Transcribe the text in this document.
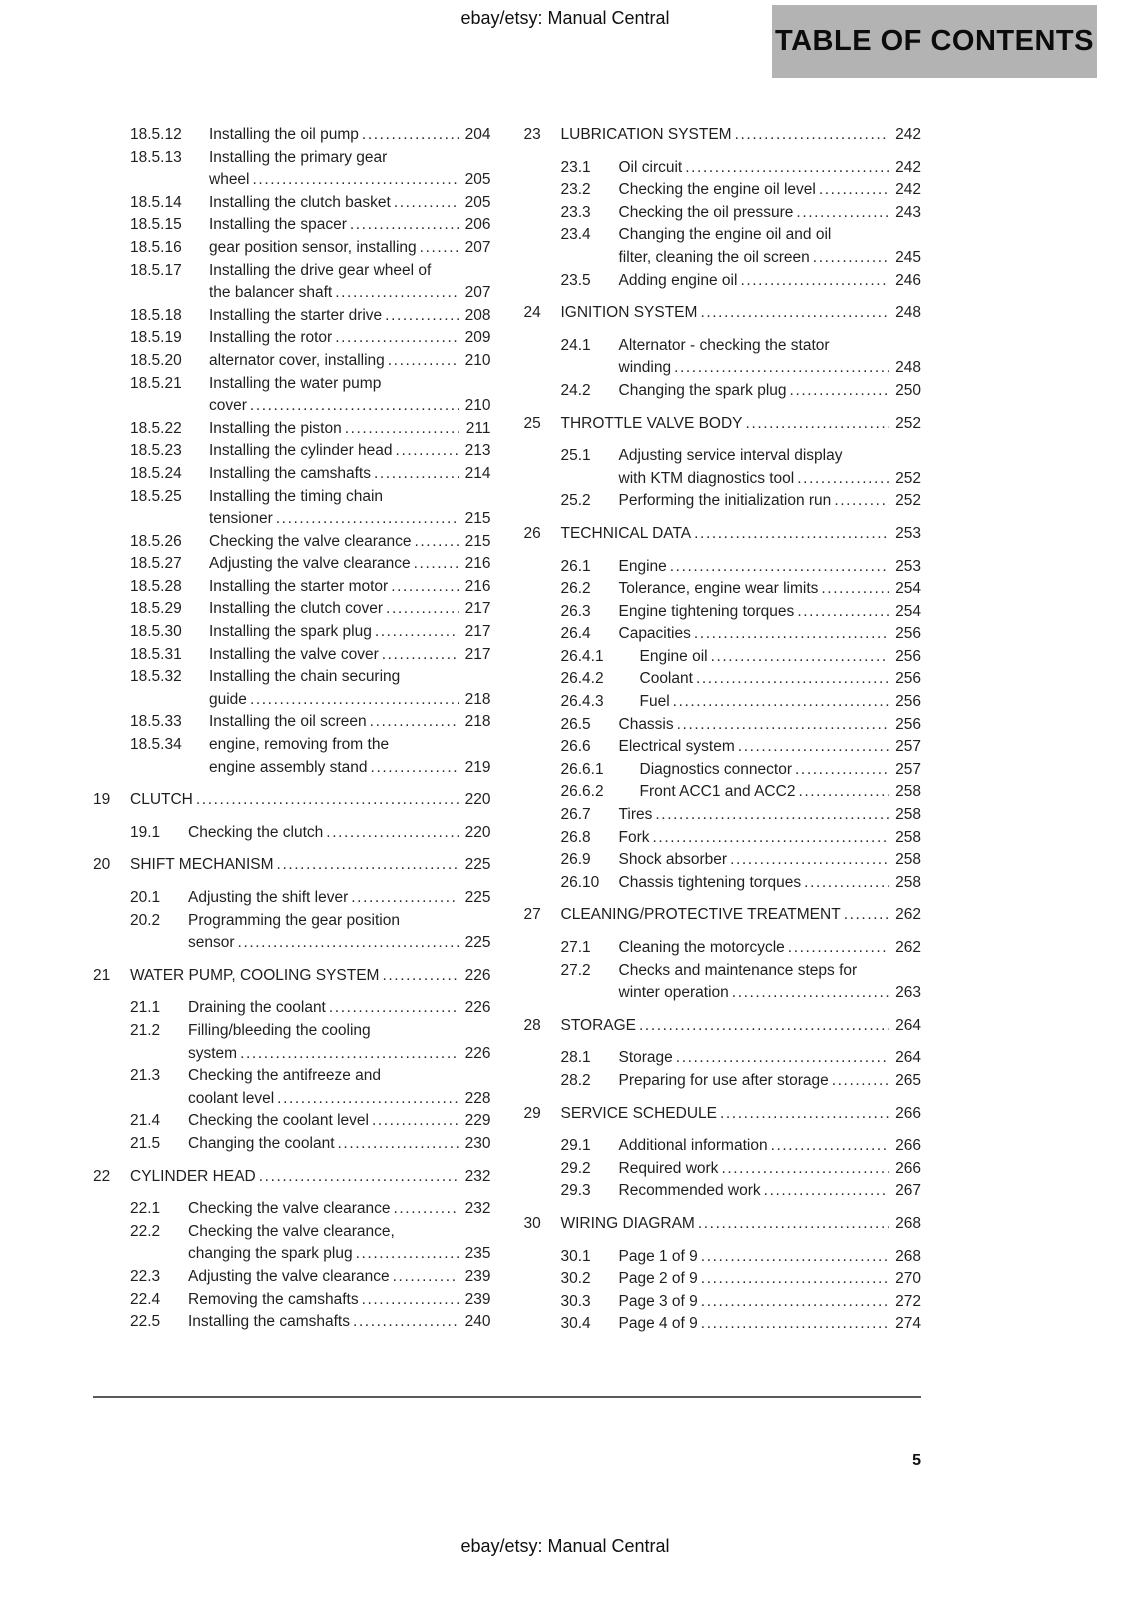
ebay/etsy: Manual Central
TABLE OF CONTENTS
18.5.12	Installing the oil pump .....	204
18.5.13	Installing the primary gear
wheel .....	205
18.5.14	Installing the clutch basket .....	205
18.5.15	Installing the spacer .....	206
18.5.16	gear position sensor, installing .....	207
18.5.17	Installing the drive gear wheel of
the balancer shaft .....	207
18.5.18	Installing the starter drive .....	208
18.5.19	Installing the rotor .....	209
18.5.20	alternator cover, installing .....	210
18.5.21	Installing the water pump
cover .....	210
18.5.22	Installing the piston .....	211
18.5.23	Installing the cylinder head .....	213
18.5.24	Installing the camshafts .....	214
18.5.25	Installing the timing chain
tensioner .....	215
18.5.26	Checking the valve clearance .....	215
18.5.27	Adjusting the valve clearance .....	216
18.5.28	Installing the starter motor .....	216
18.5.29	Installing the clutch cover .....	217
18.5.30	Installing the spark plug .....	217
18.5.31	Installing the valve cover .....	217
18.5.32	Installing the chain securing
guide .....	218
18.5.33	Installing the oil screen .....	218
18.5.34	engine, removing from the
engine assembly stand .....	219
19	CLUTCH .....	220
19.1	Checking the clutch .....	220
20	SHIFT MECHANISM .....	225
20.1	Adjusting the shift lever .....	225
20.2	Programming the gear position
sensor .....	225
21	WATER PUMP, COOLING SYSTEM .....	226
21.1	Draining the coolant .....	226
21.2	Filling/bleeding the cooling
system .....	226
21.3	Checking the antifreeze and
coolant level .....	228
21.4	Checking the coolant level .....	229
21.5	Changing the coolant .....	230
22	CYLINDER HEAD .....	232
22.1	Checking the valve clearance .....	232
22.2	Checking the valve clearance,
changing the spark plug .....	235
22.3	Adjusting the valve clearance .....	239
22.4	Removing the camshafts .....	239
22.5	Installing the camshafts .....	240
23	LUBRICATION SYSTEM .....	242
23.1	Oil circuit .....	242
23.2	Checking the engine oil level .....	242
23.3	Checking the oil pressure .....	243
23.4	Changing the engine oil and oil
filter, cleaning the oil screen .....	245
23.5	Adding engine oil .....	246
24	IGNITION SYSTEM .....	248
24.1	Alternator - checking the stator
winding .....	248
24.2	Changing the spark plug .....	250
25	THROTTLE VALVE BODY .....	252
25.1	Adjusting service interval display
with KTM diagnostics tool .....	252
25.2	Performing the initialization run .....	252
26	TECHNICAL DATA .....	253
26.1	Engine .....	253
26.2	Tolerance, engine wear limits .....	254
26.3	Engine tightening torques .....	254
26.4	Capacities .....	256
26.4.1	Engine oil .....	256
26.4.2	Coolant .....	256
26.4.3	Fuel .....	256
26.5	Chassis .....	256
26.6	Electrical system .....	257
26.6.1	Diagnostics connector .....	257
26.6.2	Front ACC1 and ACC2 .....	258
26.7	Tires .....	258
26.8	Fork .....	258
26.9	Shock absorber .....	258
26.10	Chassis tightening torques .....	258
27	CLEANING/PROTECTIVE TREATMENT .....	262
27.1	Cleaning the motorcycle .....	262
27.2	Checks and maintenance steps for
winter operation .....	263
28	STORAGE .....	264
28.1	Storage .....	264
28.2	Preparing for use after storage .....	265
29	SERVICE SCHEDULE .....	266
29.1	Additional information .....	266
29.2	Required work .....	266
29.3	Recommended work .....	267
30	WIRING DIAGRAM .....	268
30.1	Page 1 of 9 .....	268
30.2	Page 2 of 9 .....	270
30.3	Page 3 of 9 .....	272
30.4	Page 4 of 9 .....	274
5
ebay/etsy: Manual Central
